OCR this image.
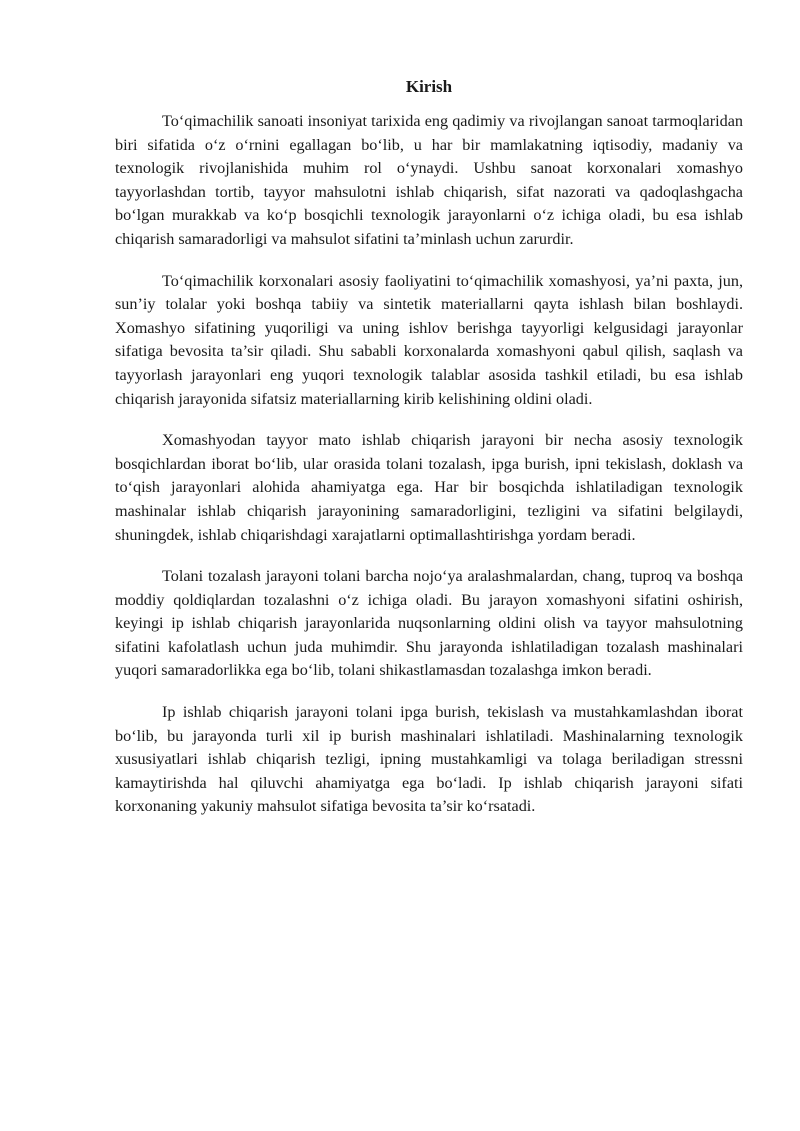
Kirish

To‘qimachilik sanoati insoniyat tarixida eng qadimiy va rivojlangan sanoat tarmoqlaridan biri sifatida o‘z o‘rnini egallagan bo‘lib, u har bir mamlakatning iqtisodiy, madaniy va texnologik rivojlanishida muhim rol o‘ynaydi. Ushbu sanoat korxonalari xomashyo tayyorlashdan tortib, tayyor mahsulotni ishlab chiqarish, sifat nazorati va qadoqlashgacha bo‘lgan murakkab va ko‘p bosqichli texnologik jarayonlarni o‘z ichiga oladi, bu esa ishlab chiqarish samaradorligi va mahsulot sifatini ta’minlash uchun zarurdir.

To‘qimachilik korxonalari asosiy faoliyatini to‘qimachilik xomashyosi, ya’ni paxta, jun, sun’iy tolalar yoki boshqa tabiiy va sintetik materiallarni qayta ishlash bilan boshlaydi. Xomashyo sifatining yuqoriligi va uning ishlov berishga tayyorligi kelgusidagi jarayonlar sifatiga bevosita ta’sir qiladi. Shu sababli korxonalarda xomashyoni qabul qilish, saqlash va tayyorlash jarayonlari eng yuqori texnologik talablar asosida tashkil etiladi, bu esa ishlab chiqarish jarayonida sifatsiz materiallarning kirib kelishining oldini oladi.

Xomashyodan tayyor mato ishlab chiqarish jarayoni bir necha asosiy texnologik bosqichlardan iborat bo‘lib, ular orasida tolani tozalash, ipga burish, ipni tekislash, doklash va to‘qish jarayonlari alohida ahamiyatga ega. Har bir bosqichda ishlatiladigan texnologik mashinalar ishlab chiqarish jarayonining samaradorligini, tezligini va sifatini belgilaydi, shuningdek, ishlab chiqarishdagi xarajatlarni optimallashtirishga yordam beradi.

Tolani tozalash jarayoni tolani barcha nojo‘ya aralashmalardan, chang, tuproq va boshqa moddiy qoldiqlardan tozalashni o‘z ichiga oladi. Bu jarayon xomashyoni sifatini oshirish, keyingi ip ishlab chiqarish jarayonlarida nuqsonlarning oldini olish va tayyor mahsulotning sifatini kafolatlash uchun juda muhimdir. Shu jarayonda ishlatiladigan tozalash mashinalari yuqori samaradorlikka ega bo‘lib, tolani shikastlamasdan tozalashga imkon beradi.

Ip ishlab chiqarish jarayoni tolani ipga burish, tekislash va mustahkamlashdan iborat bo‘lib, bu jarayonda turli xil ip burish mashinalari ishlatiladi. Mashinalarning texnologik xususiyatlari ishlab chiqarish tezligi, ipning mustahkamligi va tolaga beriladigan stressni kamaytirishda hal qiluvchi ahamiyatga ega bo‘ladi. Ip ishlab chiqarish jarayoni sifati korxonaning yakuniy mahsulot sifatiga bevosita ta’sir ko‘rsatadi.
